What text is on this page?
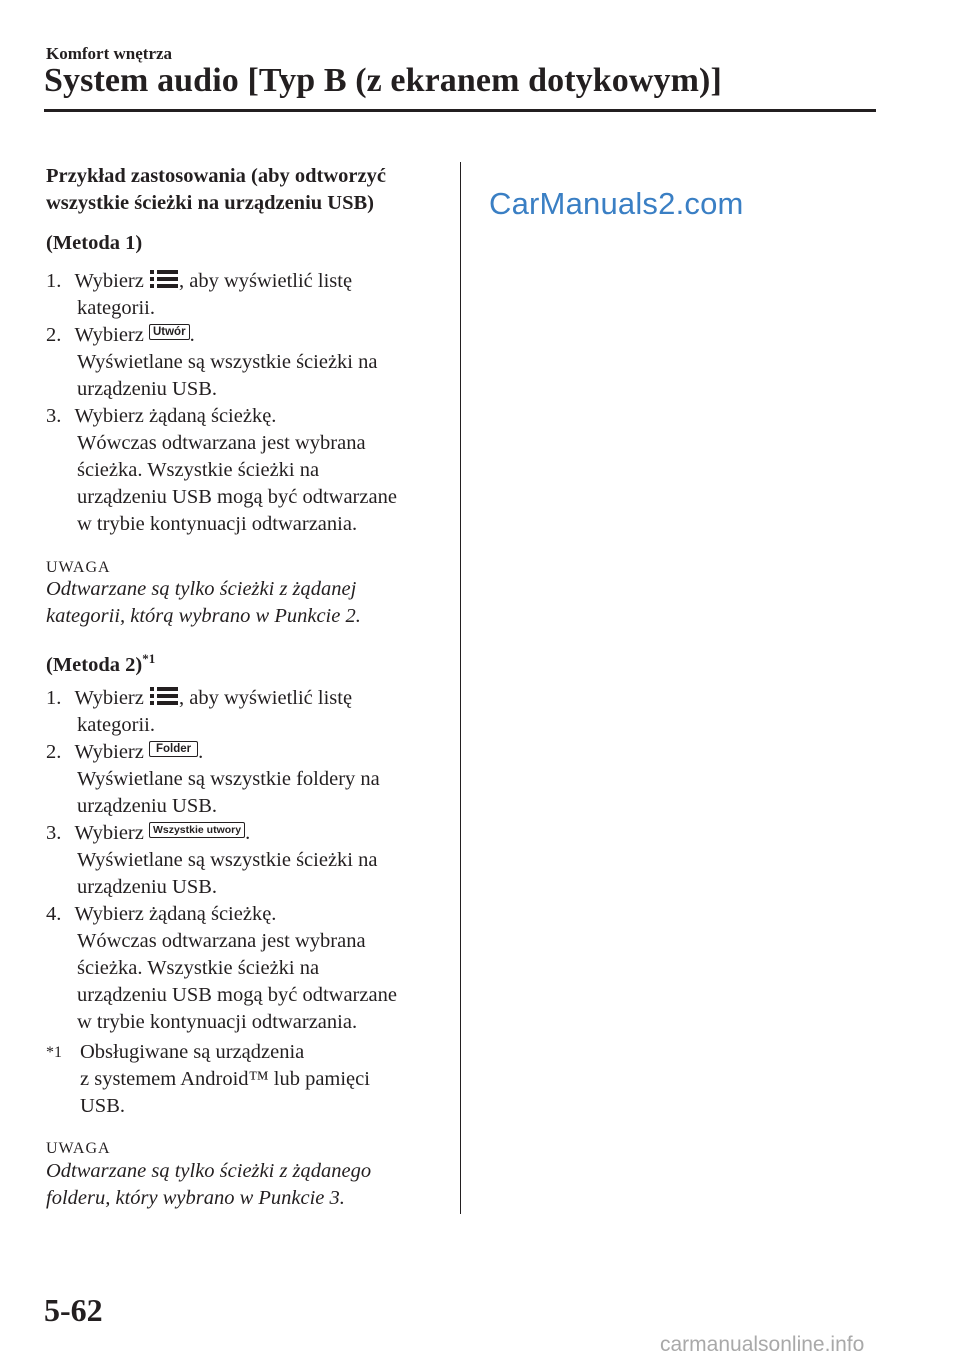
Komfort wnętrza
System audio [Typ B (z ekranem dotykowym)]
Przykład zastosowania (aby odtworzyć
wszystkie ścieżki na urządzeniu USB)
(Metoda 1)
1. Wybierz , aby wyświetlić listę
kategorii.
2. Wybierz Utwór .
Wyświetlane są wszystkie ścieżki na
urządzeniu USB.
3. Wybierz żądaną ścieżkę.
Wówczas odtwarzana jest wybrana
ścieżka. Wszystkie ścieżki na
urządzeniu USB mogą być odtwarzane
w trybie kontynuacji odtwarzania.
UWAGA
Odtwarzane są tylko ścieżki z żądanej
kategorii, którą wybrano w Punkcie 2.
(Metoda 2)$^{*1}$
1. Wybierz , aby wyświetlić listę
kategorii.
2. Wybierz Folder .
Wyświetlane są wszystkie foldery na
urządzeniu USB.
3. Wybierz Wszystkie utwory .
Wyświetlane są wszystkie ścieżki na
urządzeniu USB.
4. Wybierz żądaną ścieżkę.
Wówczas odtwarzana jest wybrana
ścieżka. Wszystkie ścieżki na
urządzeniu USB mogą być odtwarzane
w trybie kontynuacji odtwarzania.
*1 Obsługiwane są urządzenia
z systemem Android™ lub pamięci
USB.
UWAGA
Odtwarzane są tylko ścieżki z żądanego
folderu, który wybrano w Punkcie 3.
CarManuals2.com
5-62
carmanualsonline.info
